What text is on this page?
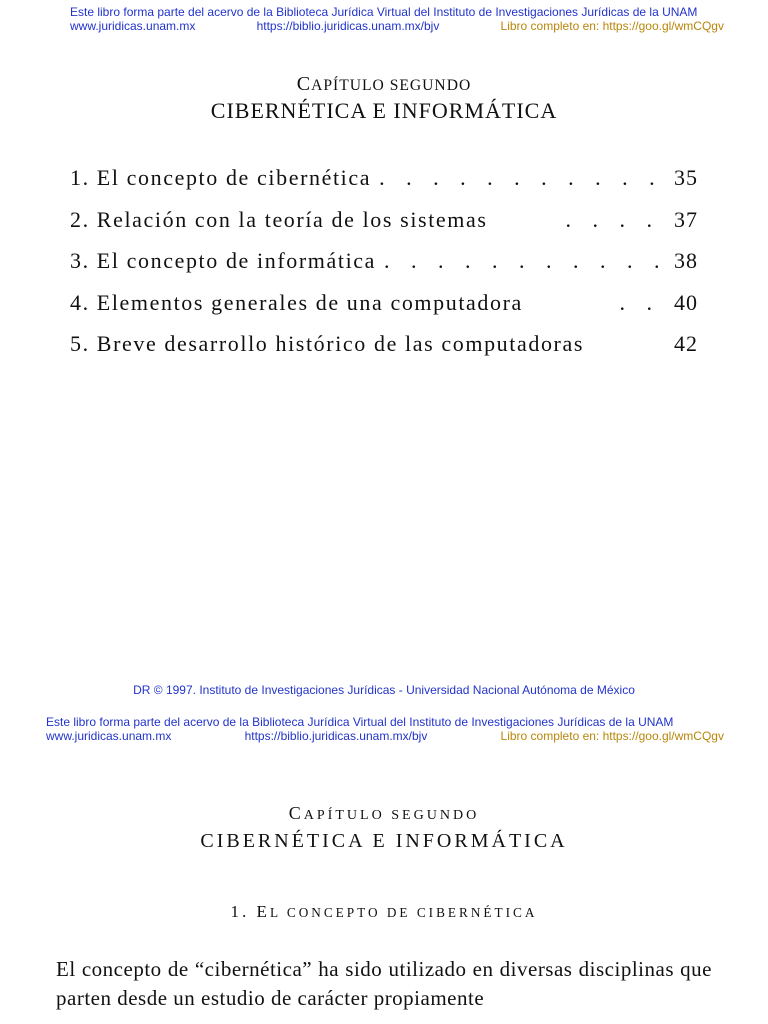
Este libro forma parte del acervo de la Biblioteca Jurídica Virtual del Instituto de Investigaciones Jurídicas de la UNAM
www.juridicas.unam.mx	https://biblio.juridicas.unam.mx/bjv	Libro completo en: https://goo.gl/wmCQgv
CAPÍTULO SEGUNDO
CIBERNÉTICA E INFORMÁTICA
1. El concepto de cibernética . . . . . . . . . . . 35
2. Relación con la teoría de los sistemas	. . . . 37
3. El concepto de informática . . . . . . . . . . . 38
4. Elementos generales de una computadora	. . 40
5. Breve desarrollo histórico de las computadoras	42
DR © 1997. Instituto de Investigaciones Jurídicas - Universidad Nacional Autónoma de México
Este libro forma parte del acervo de la Biblioteca Jurídica Virtual del Instituto de Investigaciones Jurídicas de la UNAM
www.juridicas.unam.mx	https://biblio.juridicas.unam.mx/bjv	Libro completo en: https://goo.gl/wmCQgv
CAPÍTULO SEGUNDO
CIBERNÉTICA E INFORMÁTICA
1. EL CONCEPTO DE CIBERNÉTICA
El concepto de “cibernética” ha sido utilizado en diversas disciplinas que parten desde un estudio de carácter propiamente
